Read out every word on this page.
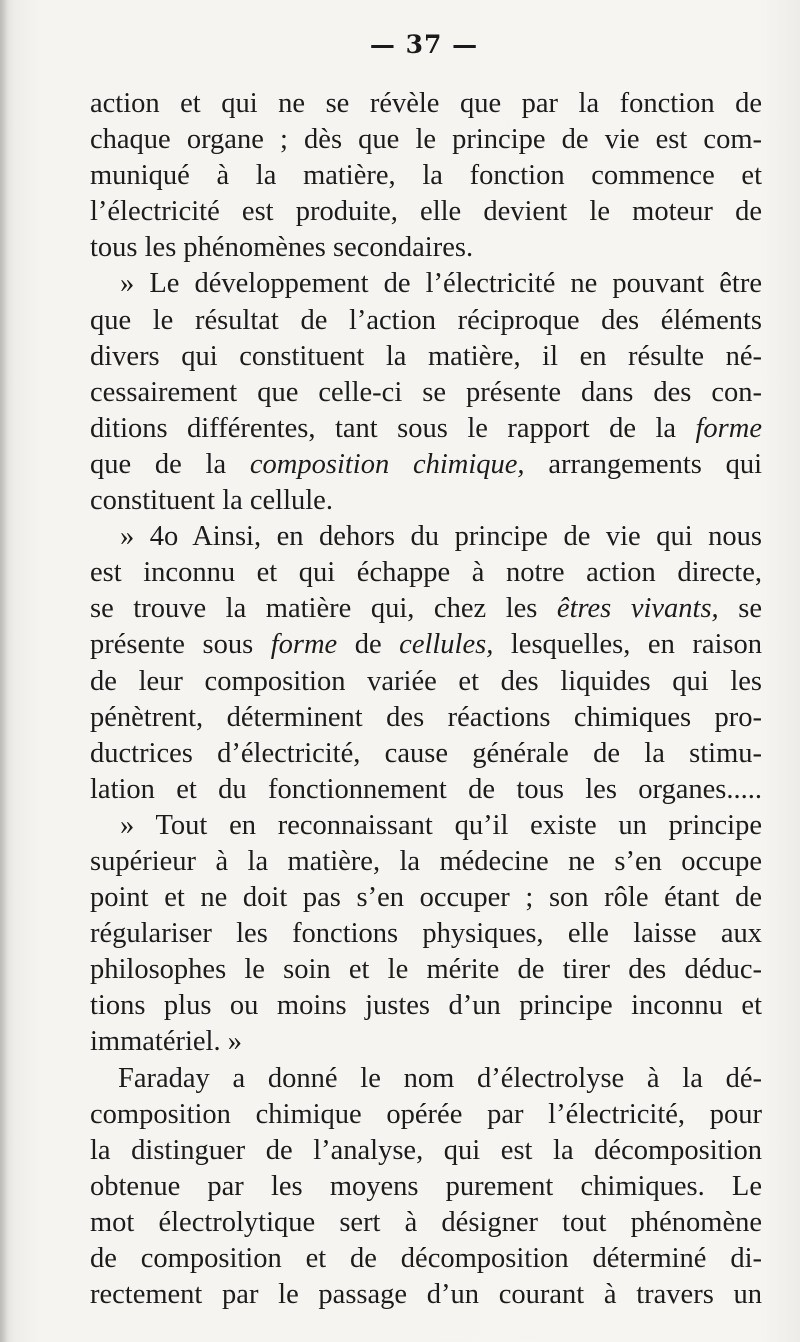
— 37 —
action et qui ne se révèle que par la fonction de
chaque organe ; dès que le principe de vie est com-
muniqué à la matière, la fonction commence et
l’électricité est produite, elle devient le moteur de
tous les phénomènes secondaires.
» Le développement de l’électricité ne pouvant être
que le résultat de l’action réciproque des éléments
divers qui constituent la matière, il en résulte né-
cessairement que celle-ci se présente dans des con-
ditions différentes, tant sous le rapport de la forme
que de la composition chimique, arrangements qui
constituent la cellule.
» 4o Ainsi, en dehors du principe de vie qui nous
est inconnu et qui échappe à notre action directe,
se trouve la matière qui, chez les êtres vivants, se
présente sous forme de cellules, lesquelles, en raison
de leur composition variée et des liquides qui les
pénètrent, déterminent des réactions chimiques pro-
ductrices d’électricité, cause générale de la stimu-
lation et du fonctionnement de tous les organes.....
» Tout en reconnaissant qu’il existe un principe
supérieur à la matière, la médecine ne s’en occupe
point et ne doit pas s’en occuper ; son rôle étant de
régulariser les fonctions physiques, elle laisse aux
philosophes le soin et le mérite de tirer des déduc-
tions plus ou moins justes d’un principe inconnu et
immatériel. »
Faraday a donné le nom d’électrolyse à la dé-
composition chimique opérée par l’électricité, pour
la distinguer de l’analyse, qui est la décomposition
obtenue par les moyens purement chimiques. Le
mot électrolytique sert à désigner tout phénomène
de composition et de décomposition déterminé di-
rectement par le passage d’un courant à travers un
